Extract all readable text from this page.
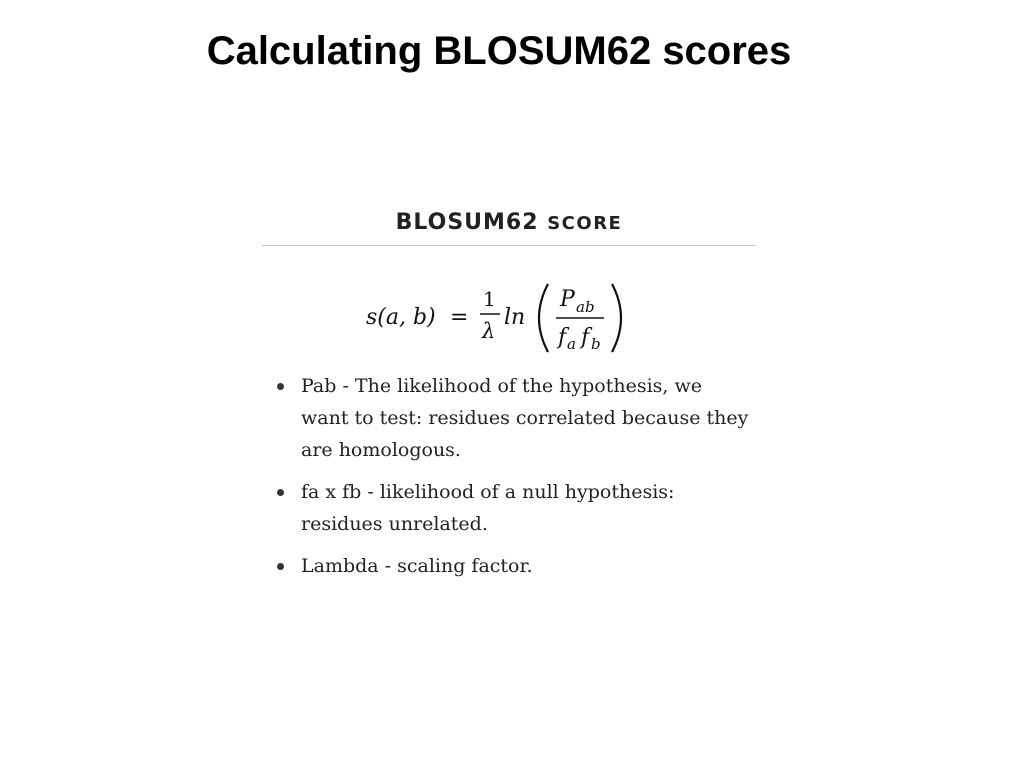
Calculating BLOSUM62 scores
BLOSUM62 SCORE
s(a, b) =
1
λ
ln
P ab
f a f b
Pab - The likelihood of the hypothesis, we want to test: residues correlated because they are homologous.
fa x fb - likelihood of a null hypothesis: residues unrelated.
Lambda - scaling factor.
